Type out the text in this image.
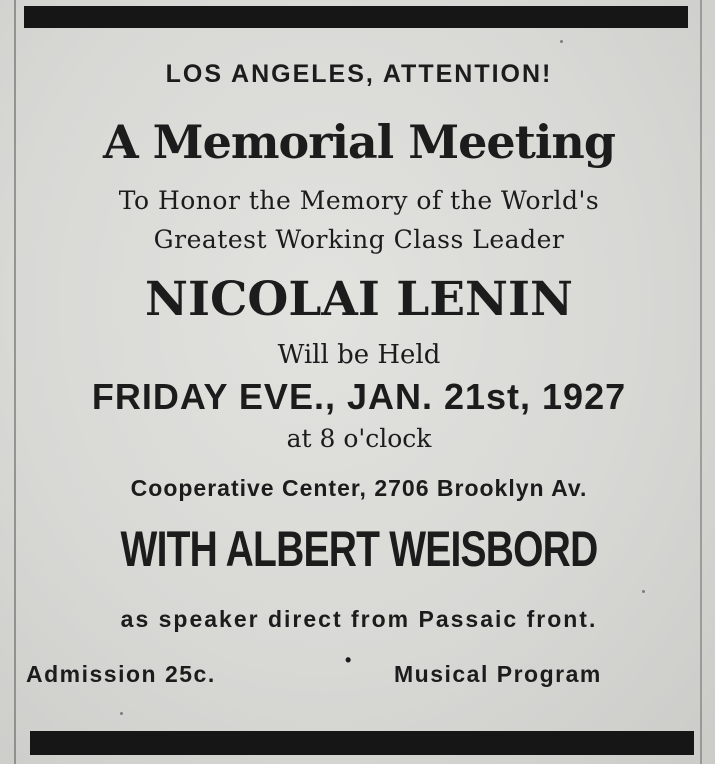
LOS ANGELES, ATTENTION!

A Memorial Meeting

To Honor the Memory of the World's

Greatest Working Class Leader

NICOLAI LENIN

Will be Held

FRIDAY EVE., JAN. 21st, 1927

at 8 o'clock

Cooperative Center, 2706 Brooklyn Av.

WITH ALBERT WEISBORD

as speaker direct from Passaic front.

Admission 25c.
•
Musical Program
